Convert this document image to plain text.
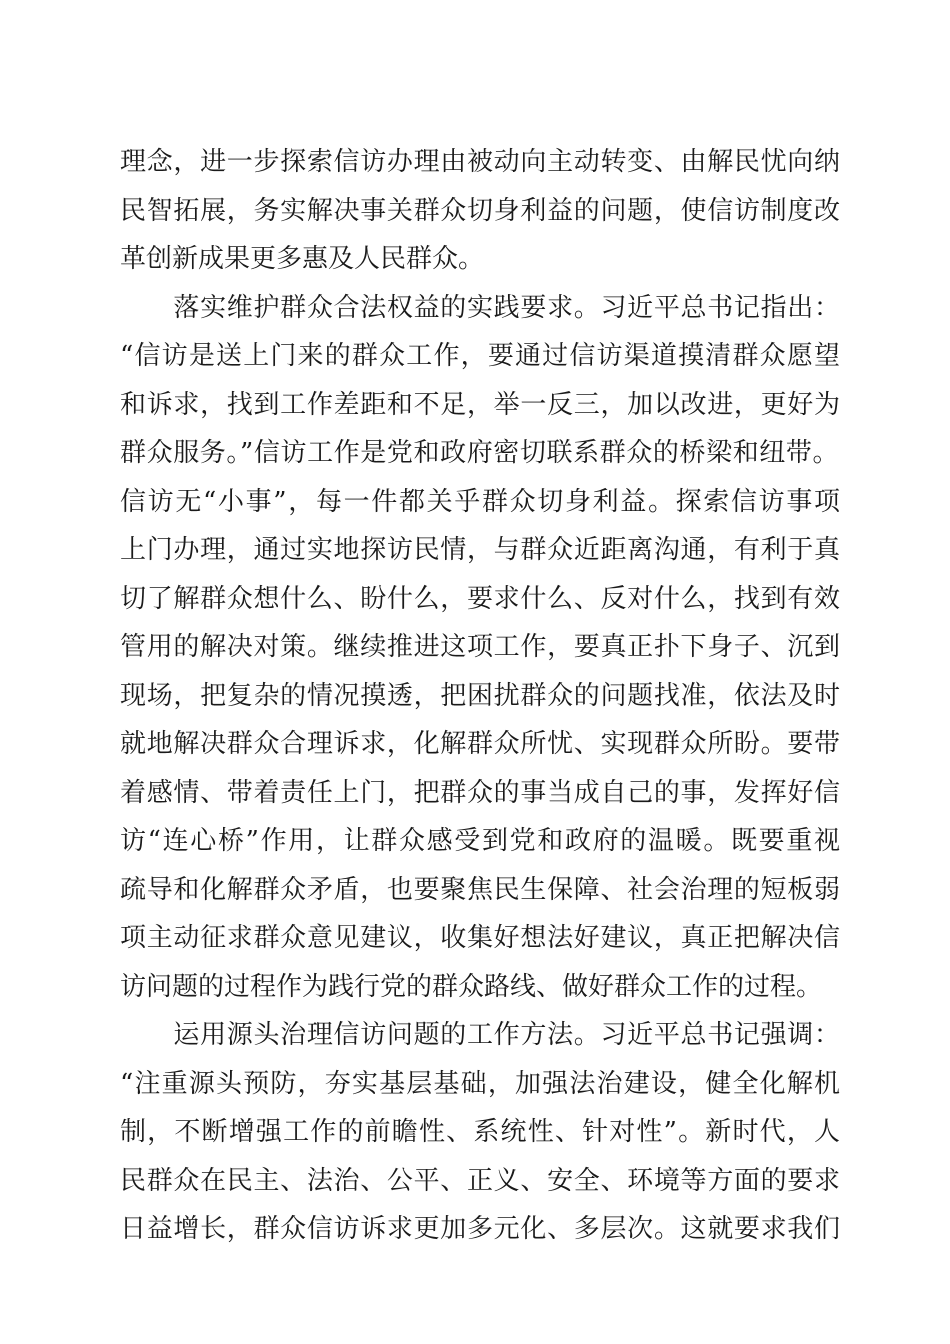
理念，进一步探索信访办理由被动向主动转变、由解民忧向纳
民智拓展，务实解决事关群众切身利益的问题，使信访制度改
革创新成果更多惠及人民群众。
　　落实维护群众合法权益的实践要求。习近平总书记指出：
“信访是送上门来的群众工作，要通过信访渠道摸清群众愿望
和诉求，找到工作差距和不足，举一反三，加以改进，更好为
群众服务。”信访工作是党和政府密切联系群众的桥梁和纽带。
信访无“小事”，每一件都关乎群众切身利益。探索信访事项
上门办理，通过实地探访民情，与群众近距离沟通，有利于真
切了解群众想什么、盼什么，要求什么、反对什么，找到有效
管用的解决对策。继续推进这项工作，要真正扑下身子、沉到
现场，把复杂的情况摸透，把困扰群众的问题找准，依法及时
就地解决群众合理诉求，化解群众所忧、实现群众所盼。要带
着感情、带着责任上门，把群众的事当成自己的事，发挥好信
访“连心桥”作用，让群众感受到党和政府的温暖。既要重视
疏导和化解群众矛盾，也要聚焦民生保障、社会治理的短板弱
项主动征求群众意见建议，收集好想法好建议，真正把解决信
访问题的过程作为践行党的群众路线、做好群众工作的过程。
　　运用源头治理信访问题的工作方法。习近平总书记强调：
“注重源头预防，夯实基层基础，加强法治建设，健全化解机
制，不断增强工作的前瞻性、系统性、针对性”。新时代，人
民群众在民主、法治、公平、正义、安全、环境等方面的要求
日益增长，群众信访诉求更加多元化、多层次。这就要求我们
